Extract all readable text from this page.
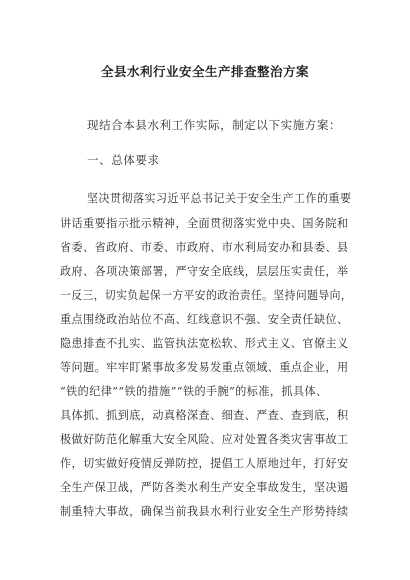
全县水利行业安全生产排查整治方案
现结合本县水利工作实际，制定以下实施方案：
一、总体要求
坚决贯彻落实习近平总书记关于安全生产工作的重要
讲话重要指示批示精神，全面贯彻落实党中央、国务院和
省委、省政府、市委、市政府、市水利局安办和县委、县
政府、各项决策部署，严守安全底线，层层压实责任，举
一反三，切实负起保一方平安的政治责任。坚持问题导向，
重点围绕政治站位不高、红线意识不强、安全责任缺位、
隐患排查不扎实、监管执法宽松软、形式主义、官僚主义
等问题。牢牢盯紧事故多发易发重点领域、重点企业，用
“铁的纪律”“铁的措施”“铁的手腕”的标准，抓具体、
具体抓、抓到底，动真格深查、细查、严查、查到底，积
极做好防范化解重大安全风险、应对处置各类灾害事故工
作，切实做好疫情反弹防控，提倡工人原地过年，打好安
全生产保卫战，严防各类水利生产安全事故发生，坚决遏
制重特大事故，确保当前我县水利行业安全生产形势持续
